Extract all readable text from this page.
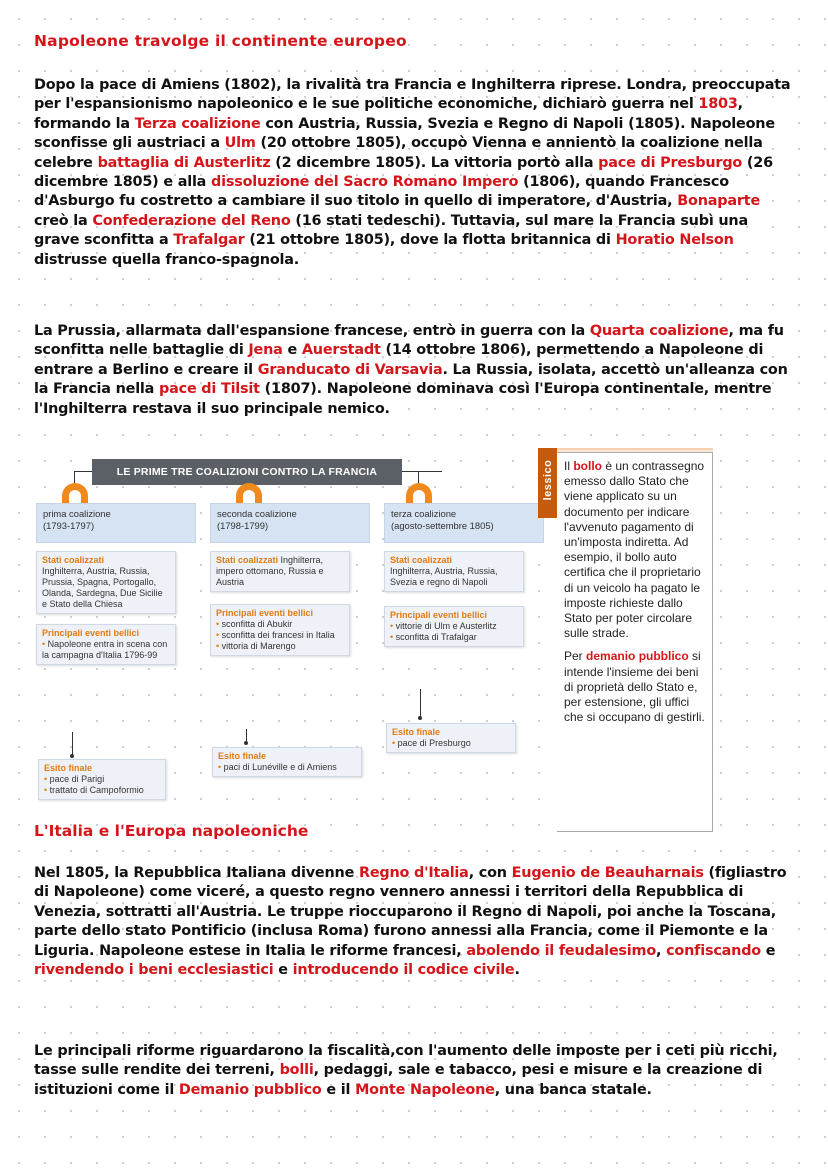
Napoleone travolge il continente europeo
Dopo la pace di Amiens (1802), la rivalità tra Francia e Inghilterra riprese. Londra, preoccupata per l'espansionismo napoleonico e le sue politiche economiche, dichiarò guerra nel 1803, formando la Terza coalizione con Austria, Russia, Svezia e Regno di Napoli (1805). Napoleone sconfisse gli austriaci a Ulm (20 ottobre 1805), occupò Vienna e annientò la coalizione nella celebre battaglia di Austerlitz (2 dicembre 1805). La vittoria portò alla pace di Presburgo (26 dicembre 1805) e alla dissoluzione del Sacro Romano Impero (1806), quando Francesco d'Asburgo fu costretto a cambiare il suo titolo in quello di imperatore, d'Austria, Bonaparte creò la Confederazione del Reno (16 stati tedeschi). Tuttavia, sul mare la Francia subì una grave sconfitta a Trafalgar (21 ottobre 1805), dove la flotta britannica di Horatio Nelson distrusse quella franco-spagnola.
La Prussia, allarmata dall'espansione francese, entrò in guerra con la Quarta coalizione, ma fu sconfitta nelle battaglie di Jena e Auerstadt (14 ottobre 1806), permettendo a Napoleone di entrare a Berlino e creare il Granducato di Varsavia. La Russia, isolata, accettò un'alleanza con la Francia nella pace di Tilsit (1807). Napoleone dominava così l'Europa continentale, mentre l'Inghilterra restava il suo principale nemico.
LE PRIME TRE COALIZIONI CONTRO LA FRANCIA
prima coalizione
(1793-1797)
Stati coalizzati
Inghilterra, Austria, Russia, Prussia, Spagna, Portogallo, Olanda, Sardegna, Due Sicilie e Stato della Chiesa
Principali eventi bellici
• Napoleone entra in scena con la campagna d'Italia 1796-99
Esito finale
• pace di Parigi
• trattato di Campoformio
seconda coalizione
(1798-1799)
Stati coalizzati Inghilterra, impero ottomano, Russia e Austria
Principali eventi bellici
• sconfitta di Abukir
• sconfitta dei francesi in Italia
• vittoria di Marengo
Esito finale
• paci di Lunéville e di Amiens
terza coalizione
(agosto-settembre 1805)
Stati coalizzati
Inghilterra, Austria, Russia, Svezia e regno di Napoli
Principali eventi bellici
• vittorie di Ulm e Austerlitz
• sconfitta di Trafalgar
Esito finale
• pace di Presburgo
lessico Il bollo è un contrassegno emesso dallo Stato che viene applicato su un documento per indicare l'avvenuto pagamento di un'imposta indiretta. Ad esempio, il bollo auto certifica che il proprietario di un veicolo ha pagato le imposte richieste dallo Stato per poter circolare sulle strade.

Per demanio pubblico si intende l'insieme dei beni di proprietà dello Stato e, per estensione, gli uffici che si occupano di gestirli.

L'Italia e l'Europa napoleoniche
Nel 1805, la Repubblica Italiana divenne Regno d'Italia, con Eugenio de Beauharnais (figliastro di Napoleone) come viceré, a questo regno vennero annessi i territori della Repubblica di Venezia, sottratti all'Austria. Le truppe rioccuparono il Regno di Napoli, poi anche la Toscana, parte dello stato Pontificio (inclusa Roma) furono annessi alla Francia, come il Piemonte e la Liguria. Napoleone estese in Italia le riforme francesi, abolendo il feudalesimo, confiscando e rivendendo i beni ecclesiastici e introducendo il codice civile.
Le principali riforme riguardarono la fiscalità,con l'aumento delle imposte per i ceti più ricchi, tasse sulle rendite dei terreni, bolli, pedaggi, sale e tabacco, pesi e misure e la creazione di istituzioni come il Demanio pubblico e il Monte Napoleone, una banca statale.
